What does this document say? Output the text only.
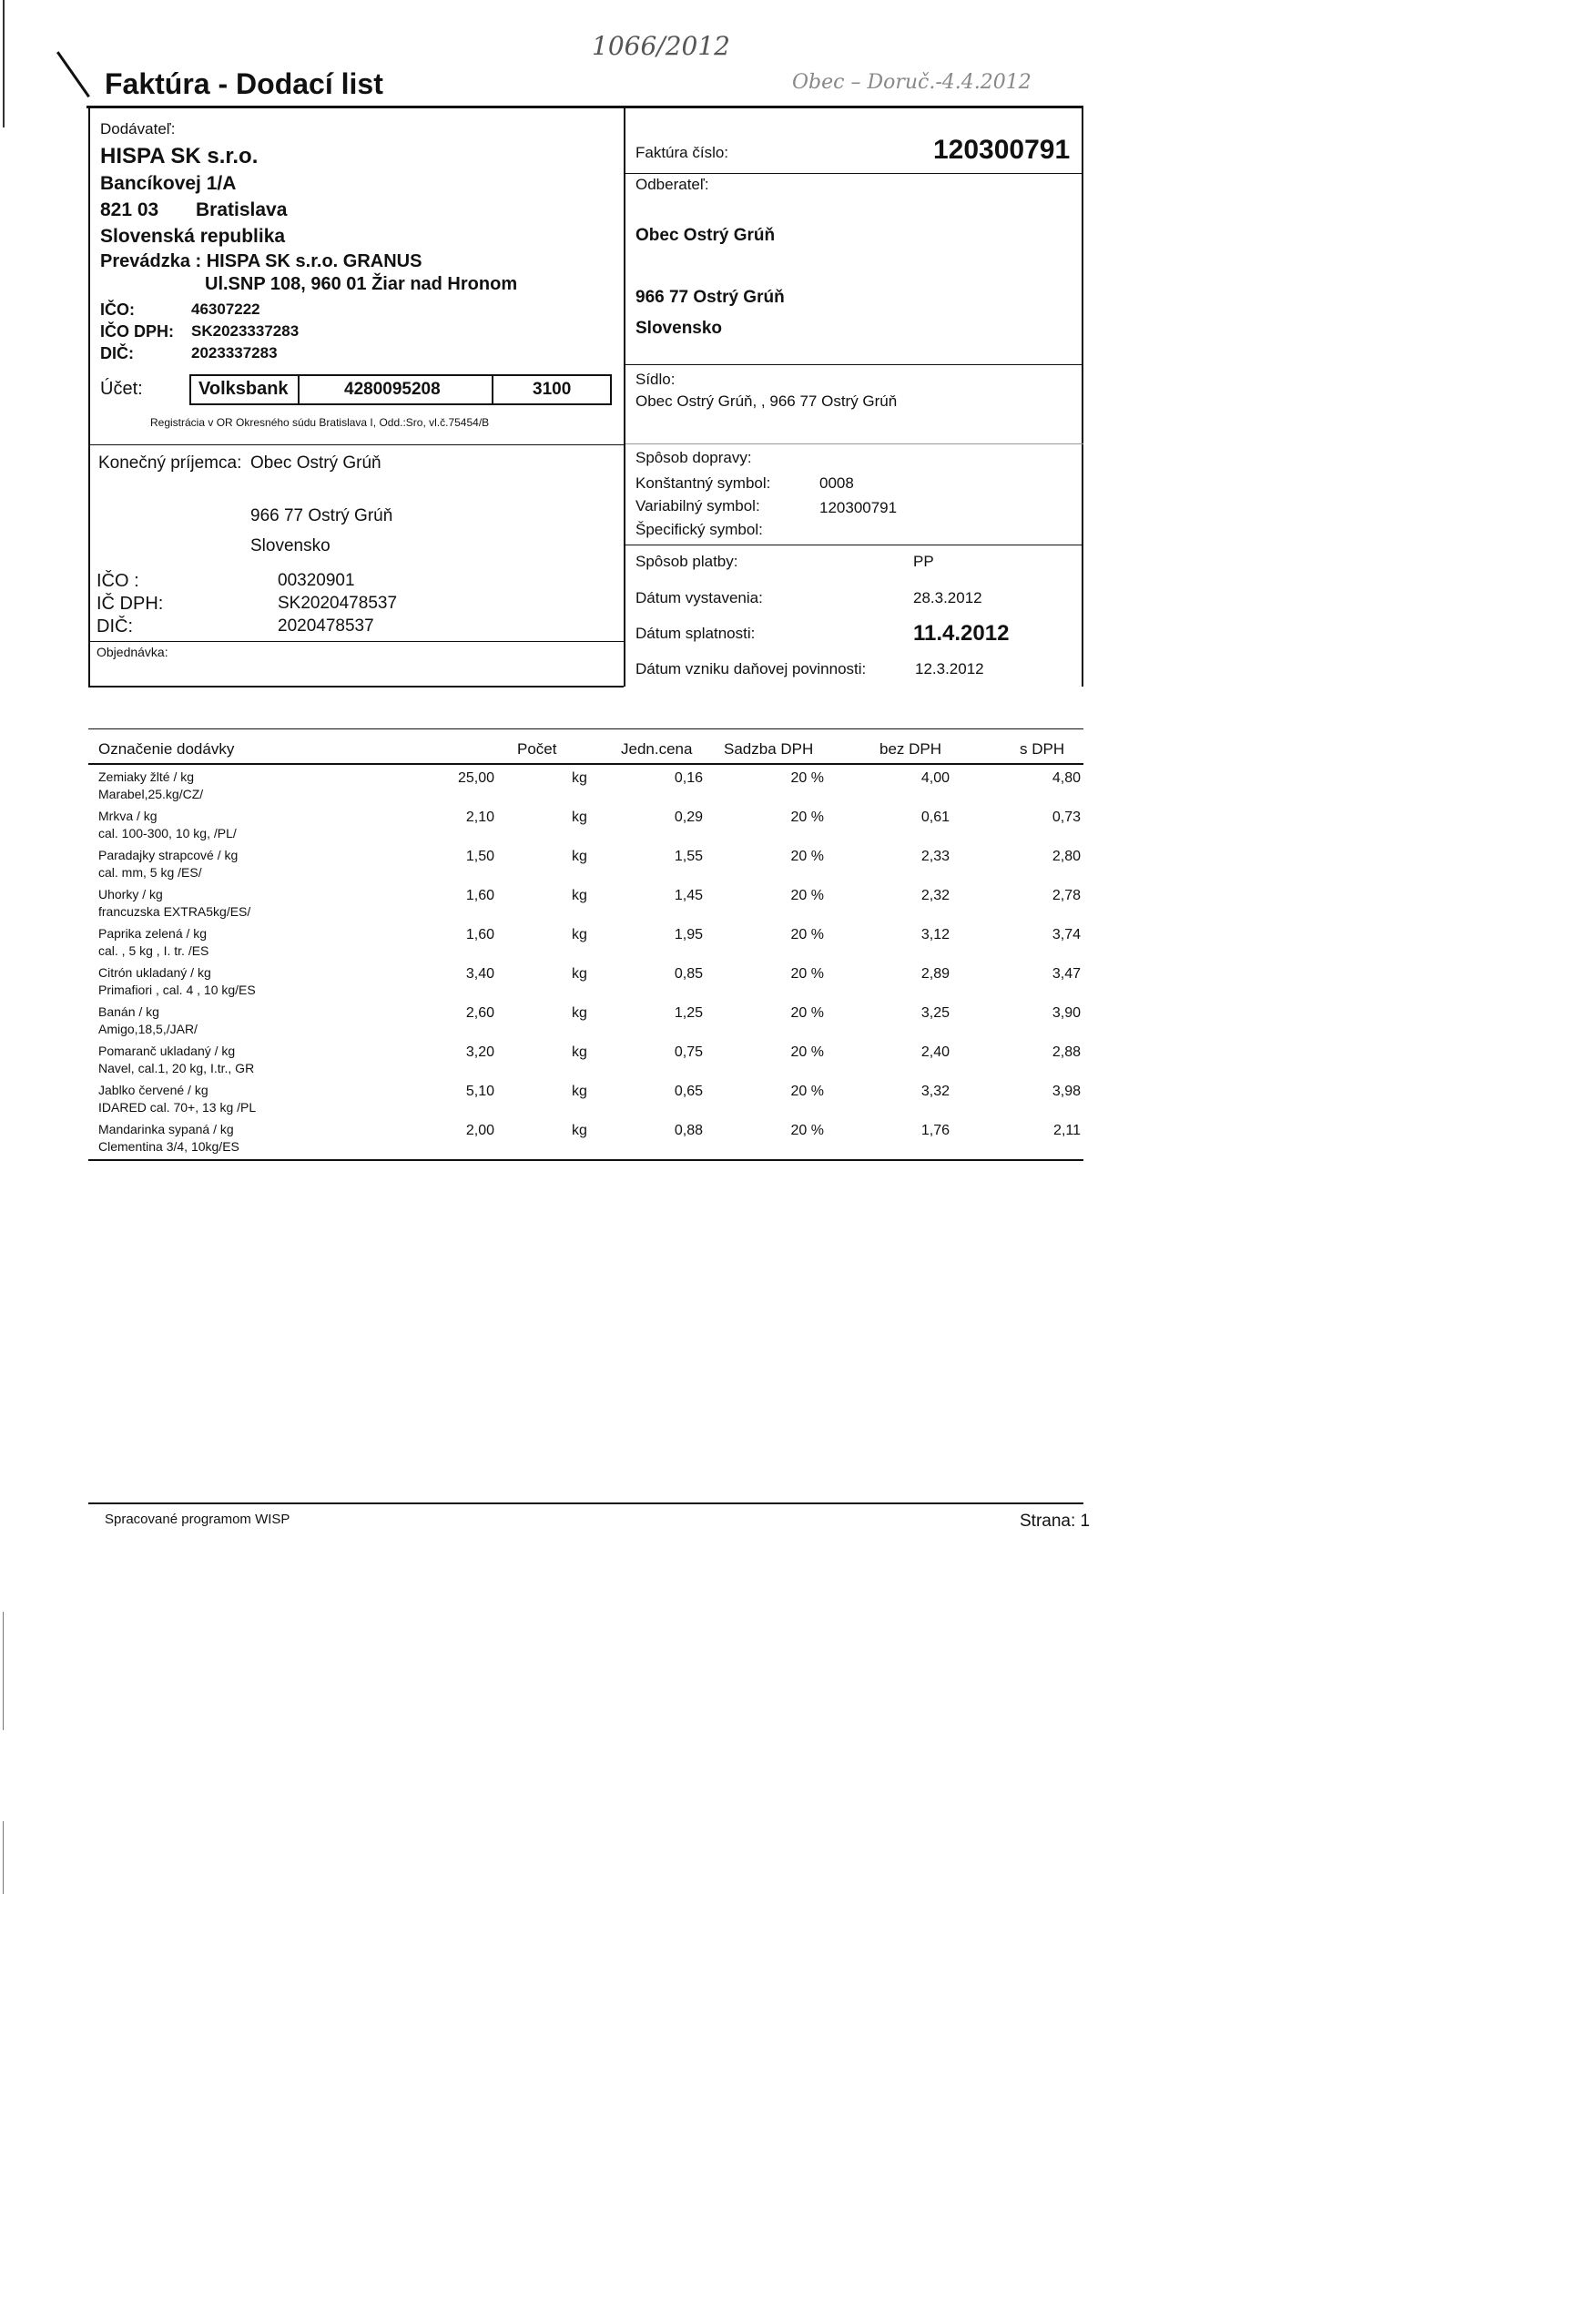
1066/2012
Obec – Doruč.-4.4.2012
Faktúra - Dodací list
Dodávateľ:
HISPA SK s.r.o.
Bancíkovej 1/A
821 03 Bratislava
Slovenská republika
Prevádzka : HISPA SK s.r.o. GRANUS
Ul.SNP 108, 960 01 Žiar nad Hronom
IČO:	46307222
IČO DPH: SK2023337283
DIČ:	2023337283
Účet:	Volksbank	4280095208	3100
Registrácia v OR Okresného súdu Bratislava I, Odd.:Sro, vl.č.75454/B
Konečný príjemca: Obec Ostrý Grúň
966 77 Ostrý Grúň
Slovensko
IČO :	00320901
IČ DPH:	SK2020478537
DIČ:	2020478537
Objednávka:
Faktúra číslo:	120300791
Odberateľ:
Obec Ostrý Grúň
966 77 Ostrý Grúň
Slovensko
Sídlo:
Obec Ostrý Grúň, , 966 77 Ostrý Grúň
Spôsob dopravy:
Konštantný symbol:	0008
Variabilný symbol:	120300791
Špecifický symbol:
Spôsob platby:	PP
Dátum vystavenia:	28.3.2012
Dátum splatnosti:	11.4.2012
Dátum vzniku daňovej povinnosti:	12.3.2012
Označenie dodávky	Počet	Jedn.cena Sadzba DPH	bez DPH	s DPH
Zemiaky žlté / kg
Marabel,25.kg/CZ/
25,00	kg	0,16	20 %	4,00	4,80
Mrkva / kg
cal. 100-300, 10 kg, /PL/
2,10	kg	0,29	20 %	0,61	0,73
Paradajky strapcové / kg
cal. mm, 5 kg /ES/
1,50	kg	1,55	20 %	2,33	2,80
Uhorky / kg
francuzska EXTRA5kg/ES/
1,60	kg	1,45	20 %	2,32	2,78
Paprika zelená / kg
cal. , 5 kg , I. tr. /ES
1,60	kg	1,95	20 %	3,12	3,74
Citrón ukladaný / kg
Primafiori , cal. 4 , 10 kg/ES
3,40	kg	0,85	20 %	2,89	3,47
Banán / kg
Amigo,18,5,/JAR/
2,60	kg	1,25	20 %	3,25	3,90
Pomaranč ukladaný / kg
Navel, cal.1, 20 kg, I.tr., GR
3,20	kg	0,75	20 %	2,40	2,88
Jablko červené / kg
IDARED cal. 70+, 13 kg /PL
5,10	kg	0,65	20 %	3,32	3,98
Mandarinka sypaná / kg
Clementina 3/4, 10kg/ES
2,00	kg	0,88	20 %	1,76	2,11
Spracované programom WISP	Strana: 1
